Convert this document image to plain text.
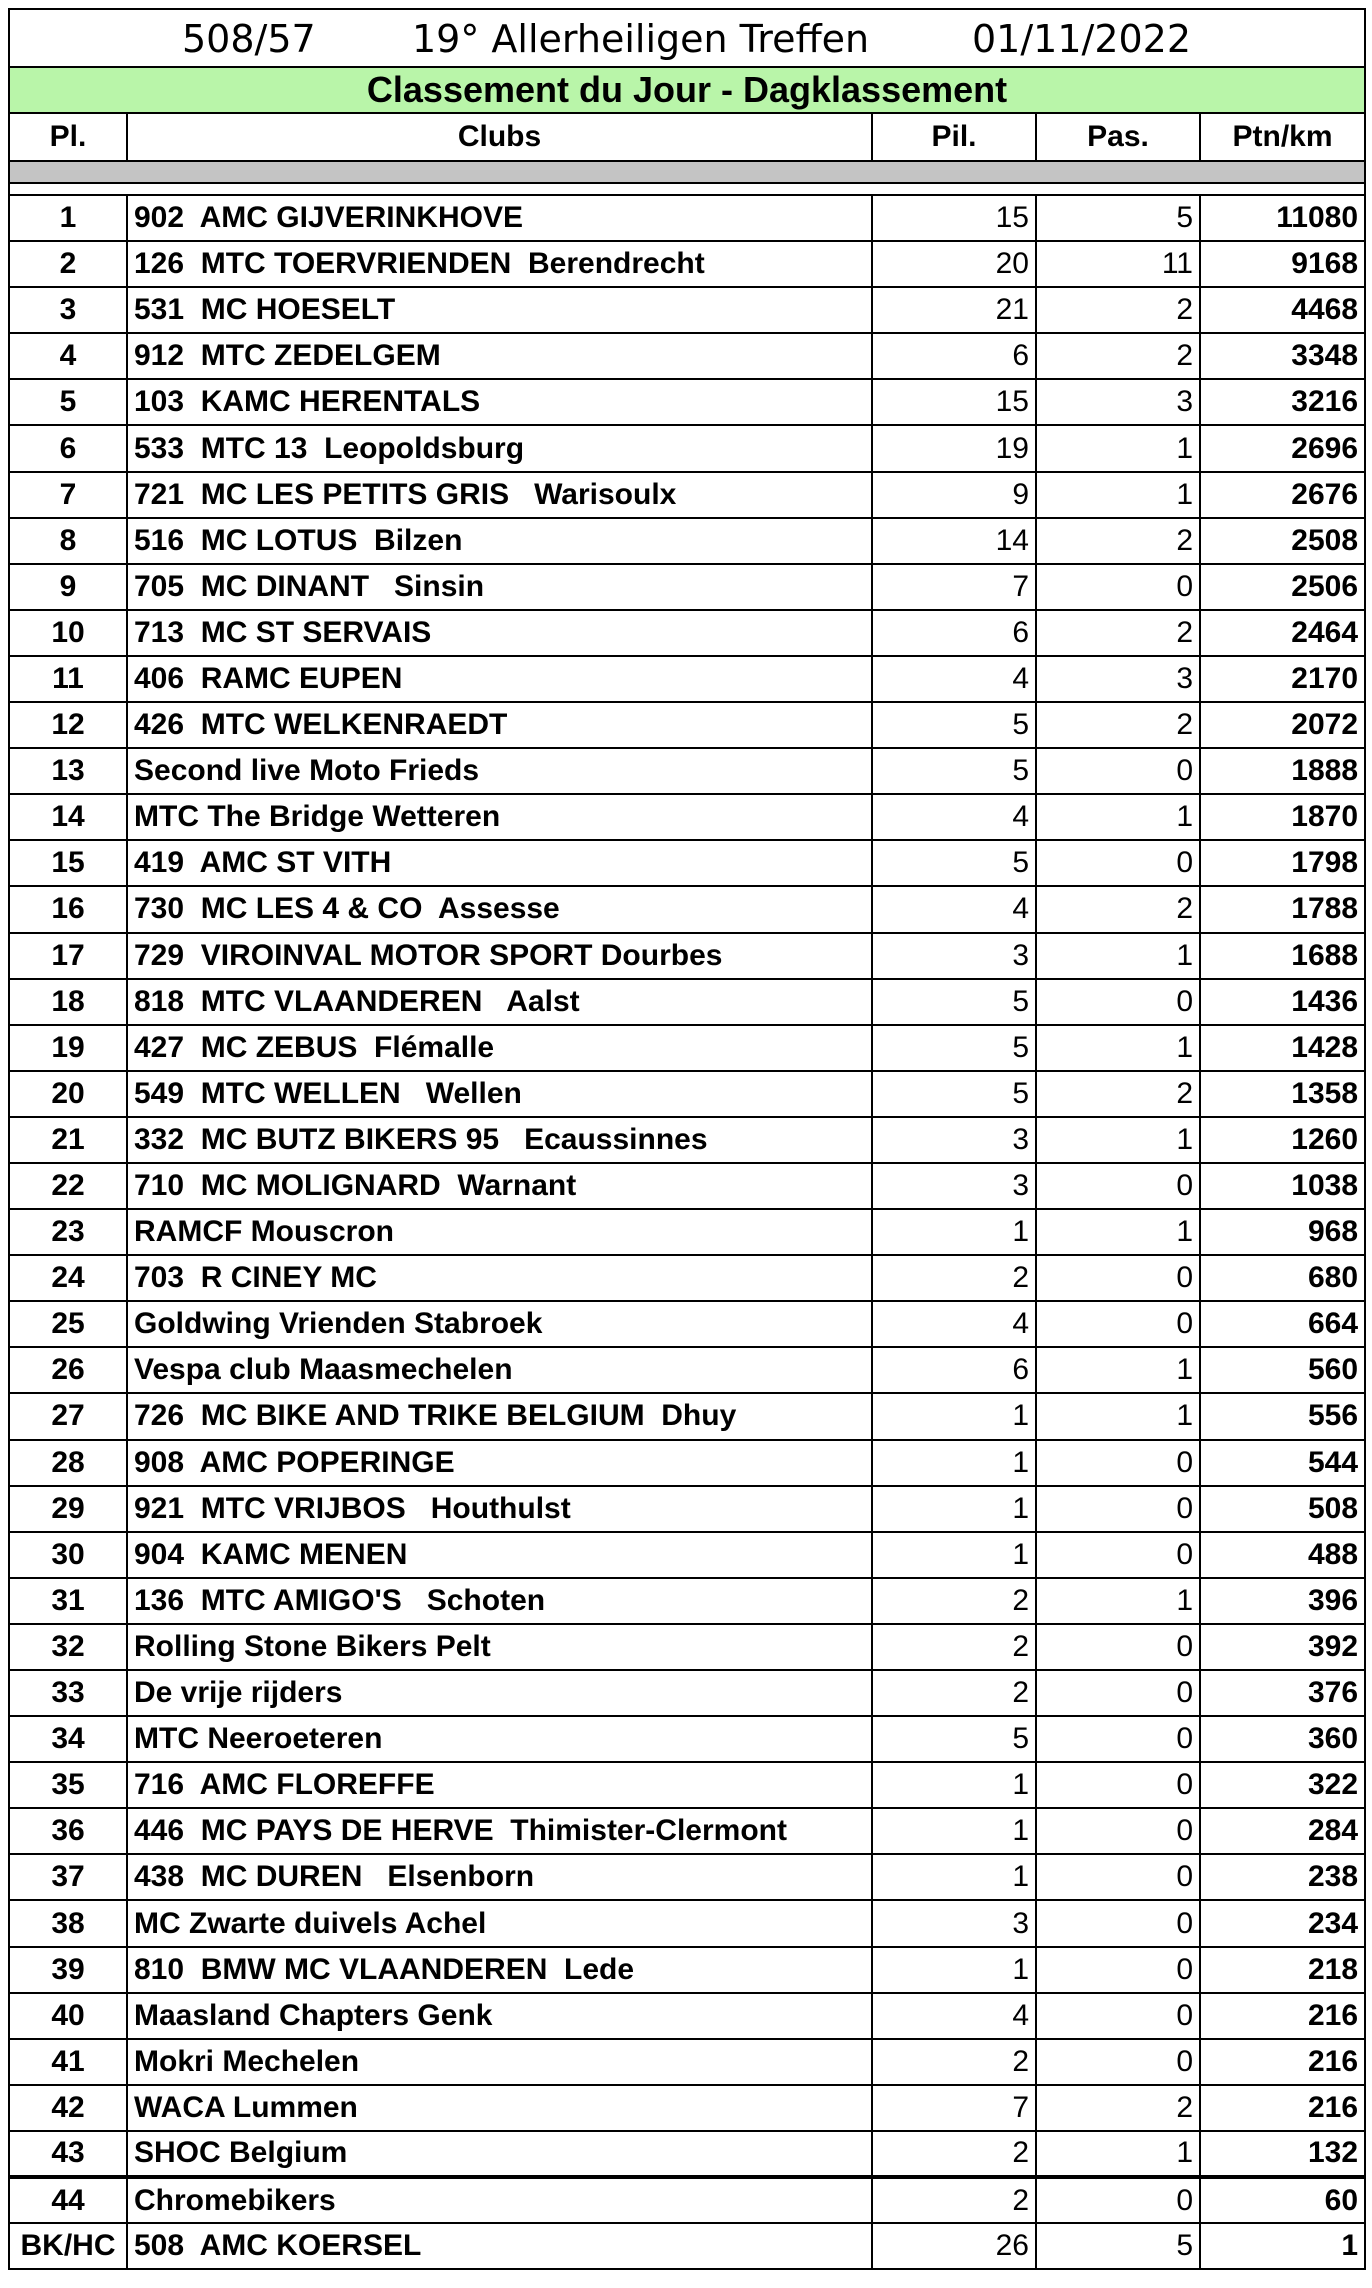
508/57 19° Allerheiligen Treffen 01/11/2022				

Classement du Jour - Dagklassement				
Pl.	Clubs	Pil.	Pas.	Ptn/km

1	902  AMC GIJVERINKHOVE	15	5	11080
2	126  MTC TOERVRIENDEN  Berendrecht	20	11	9168
3	531  MC HOESELT	21	2	4468
4	912  MTC ZEDELGEM	6	2	3348
5	103  KAMC HERENTALS	15	3	3216
6	533  MTC 13  Leopoldsburg	19	1	2696
7	721  MC LES PETITS GRIS   Warisoulx	9	1	2676
8	516  MC LOTUS  Bilzen	14	2	2508
9	705  MC DINANT   Sinsin	7	0	2506
10	713  MC ST SERVAIS	6	2	2464
11	406  RAMC EUPEN	4	3	2170
12	426  MTC WELKENRAEDT	5	2	2072
13	Second live Moto Frieds	5	0	1888
14	MTC The Bridge Wetteren	4	1	1870
15	419  AMC ST VITH	5	0	1798
16	730  MC LES 4 & CO  Assesse	4	2	1788
17	729  VIROINVAL MOTOR SPORT Dourbes	3	1	1688
18	818  MTC VLAANDEREN   Aalst	5	0	1436
19	427  MC ZEBUS  Flémalle	5	1	1428
20	549  MTC WELLEN   Wellen	5	2	1358
21	332  MC BUTZ BIKERS 95   Ecaussinnes	3	1	1260
22	710  MC MOLIGNARD  Warnant	3	0	1038
23	RAMCF Mouscron	1	1	968
24	703  R CINEY MC	2	0	680
25	Goldwing Vrienden Stabroek	4	0	664
26	Vespa club Maasmechelen	6	1	560
27	726  MC BIKE AND TRIKE BELGIUM  Dhuy	1	1	556
28	908  AMC POPERINGE	1	0	544
29	921  MTC VRIJBOS   Houthulst	1	0	508
30	904  KAMC MENEN	1	0	488
31	136  MTC AMIGO'S   Schoten	2	1	396
32	Rolling Stone Bikers Pelt	2	0	392
33	De vrije rijders	2	0	376
34	MTC Neeroeteren	5	0	360
35	716  AMC FLOREFFE	1	0	322
36	446  MC PAYS DE HERVE  Thimister-Clermont	1	0	284
37	438  MC DUREN   Elsenborn	1	0	238
38	MC Zwarte duivels Achel	3	0	234
39	810  BMW MC VLAANDEREN  Lede	1	0	218
40	Maasland Chapters Genk	4	0	216
41	Mokri Mechelen	2	0	216
42	WACA Lummen	7	2	216
43	SHOC Belgium	2	1	132
44	Chromebikers	2	0	60
BK/HC	508  AMC KOERSEL	26	5	1
